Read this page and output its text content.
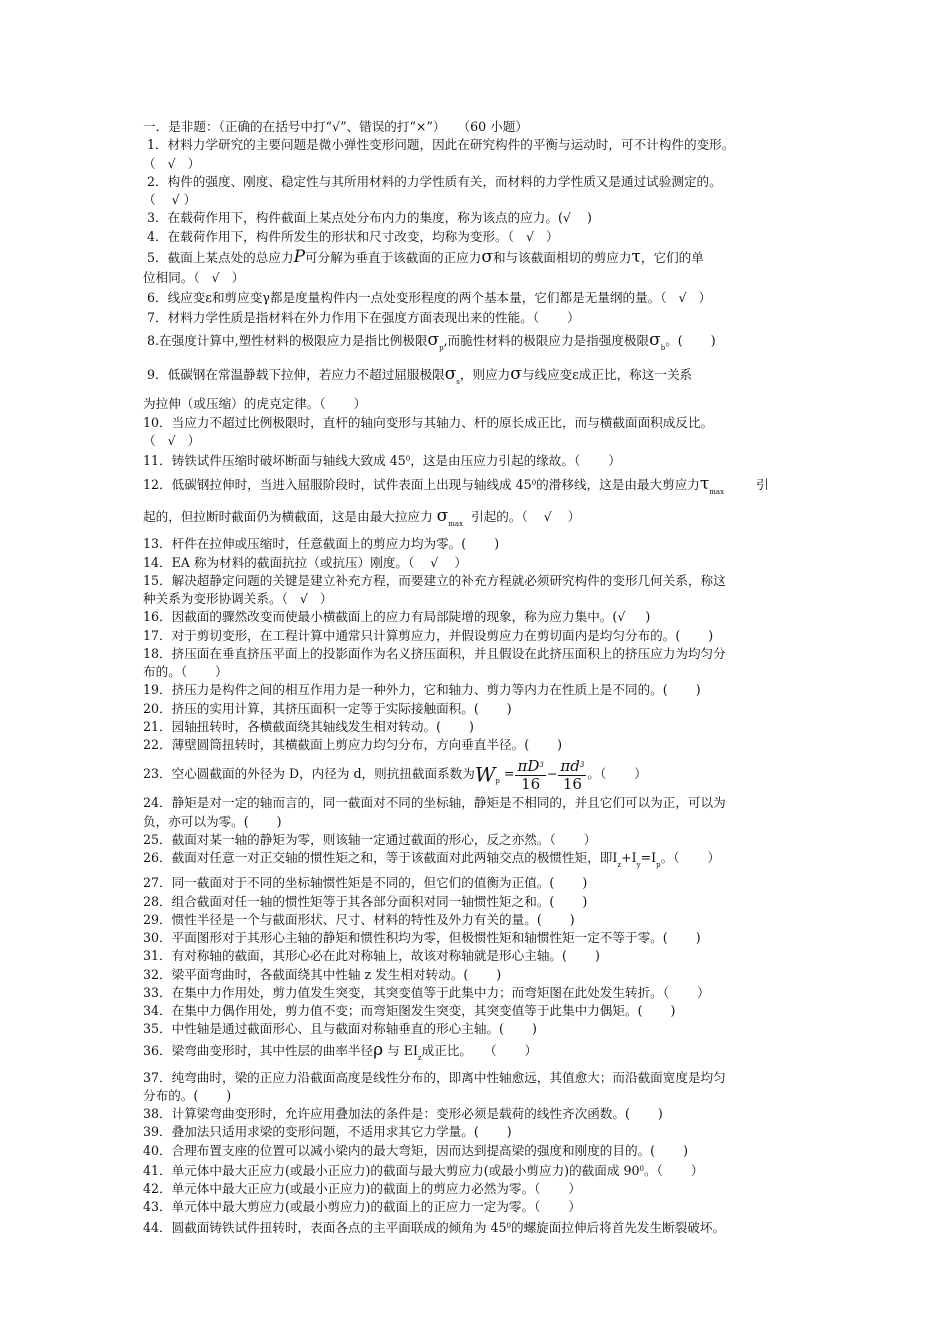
一．是非题：（正确的在括号中打“√”、错误的打“×”）   （60 小题）
1．材料力学研究的主要问题是微小弹性变形问题，因此在研究构件的平衡与运动时，可不计构件的变形。
（   √   ）
2．构件的强度、刚度、稳定性与其所用材料的力学性质有关，而材料的力学性质又是通过试验测定的。
（    √ ）
3．在载荷作用下，构件截面上某点处分布内力的集度，称为该点的应力。(√    )
4．在载荷作用下，构件所发生的形状和尺寸改变，均称为变形。（   √   ）
5．截面上某点处的总应力P可分解为垂直于该截面的正应力σ和与该截面相切的剪应力τ，它们的单
位相同。（   √   ）
6．线应变ε和剪应变γ都是度量构件内一点处变形程度的两个基本量，它们都是无量纲的量。（   √   ）
7．材料力学性质是指材料在外力作用下在强度方面表现出来的性能。（       ）
8.在强度计算中,塑性材料的极限应力是指比例极限$\sigma_p$,而脆性材料的极限应力是指强度极限$\sigma_b$。(       )
9．低碳钢在常温静载下拉伸，若应力不超过屈服极限$\sigma_s$，则应力σ与线应变ε成正比，称这一关系
为拉伸（或压缩）的虎克定律。（       ）
10．当应力不超过比例极限时，直杆的轴向变形与其轴力、杆的原长成正比，而与横截面面积成反比。
（   √   ）
11．铸铁试件压缩时破坏断面与轴线大致成 $45^0$，这是由压应力引起的缘故。（       ）
12．低碳钢拉伸时，当进入屈服阶段时，试件表面上出现与轴线成 $45^0$的滑移线，这是由最大剪应力$\tau_{max}$	引
起的，但拉断时截面仍为横截面，这是由最大拉应力 $\sigma_{max}$ 引起的。（    √    ）
13．杆件在拉伸或压缩时，任意截面上的剪应力均为零。(       )
14．EA 称为材料的截面抗拉（或抗压）刚度。（    √    ）
15．解决超静定问题的关键是建立补充方程，而要建立的补充方程就必须研究构件的变形几何关系，称这
种关系为变形协调关系。（   √   ）
16．因截面的骤然改变而使最小横截面上的应力有局部陡增的现象，称为应力集中。(√     )
17．对于剪切变形，在工程计算中通常只计算剪应力，并假设剪应力在剪切面内是均匀分布的。(       )
18．挤压面在垂直挤压平面上的投影面作为名义挤压面积，并且假设在此挤压面积上的挤压应力为均匀分
布的。（       ）
19．挤压力是构件之间的相互作用力是一种外力，它和轴力、剪力等内力在性质上是不同的。(       )
20．挤压的实用计算，其挤压面积一定等于实际接触面积。(       )
21．园轴扭转时，各横截面绕其轴线发生相对转动。(       )
22．薄壁圆筒扭转时，其横截面上剪应力均匀分布，方向垂直半径。(       )
23．空心圆截面的外径为 D，内径为 d，则抗扭截面系数为$W_p = \frac{\pi D^3}{16} - \frac{\pi d^3}{16}$ 。（       ）
24．静矩是对一定的轴而言的，同一截面对不同的坐标轴，静矩是不相同的，并且它们可以为正，可以为
负，亦可以为零。(       )
25．截面对某一轴的静矩为零，则该轴一定通过截面的形心，反之亦然。（       ）
26．截面对任意一对正交轴的惯性矩之和，等于该截面对此两轴交点的极惯性矩，即$I_z+I_y=I_p$。（       ）
27．同一截面对于不同的坐标轴惯性矩是不同的，但它们的值衡为正值。(       )
28．组合截面对任一轴的惯性矩等于其各部分面积对同一轴惯性矩之和。(       )
29．惯性半径是一个与截面形状、尺寸、材料的特性及外力有关的量。(       )
30．平面图形对于其形心主轴的静矩和惯性积均为零，但极惯性矩和轴惯性矩一定不等于零。(       )
31．有对称轴的截面，其形心必在此对称轴上，故该对称轴就是形心主轴。(       )
32．梁平面弯曲时，各截面绕其中性轴 z 发生相对转动。(       )
33．在集中力作用处，剪力值发生突变，其突变值等于此集中力；而弯矩图在此处发生转折。（       ）
34．在集中力偶作用处，剪力值不变；而弯矩图发生突变，其突变值等于此集中力偶矩。(       )
35．中性轴是通过截面形心、且与截面对称轴垂直的形心主轴。(       )
36．梁弯曲变形时，其中性层的曲率半径ρ 与 $EI_z$成正比。   （       ）
37．纯弯曲时，梁的正应力沿截面高度是线性分布的，即离中性轴愈远，其值愈大；而沿截面宽度是均匀
分布的。(       )
38．计算梁弯曲变形时，允许应用叠加法的条件是：变形必须是载荷的线性齐次函数。(       )
39．叠加法只适用求梁的变形问题，不适用求其它力学量。(       )
40．合理布置支座的位置可以减小梁内的最大弯矩，因而达到提高梁的强度和刚度的目的。(       )
41．单元体中最大正应力(或最小正应力)的截面与最大剪应力(或最小剪应力)的截面成 $90^0$。（       ）
42．单元体中最大正应力(或最小正应力)的截面上的剪应力必然为零。（       ）
43．单元体中最大剪应力(或最小剪应力)的截面上的正应力一定为零。（       ）
44．圆截面铸铁试件扭转时，表面各点的主平面联成的倾角为 $45^0$的螺旋面拉伸后将首先发生断裂破坏。
